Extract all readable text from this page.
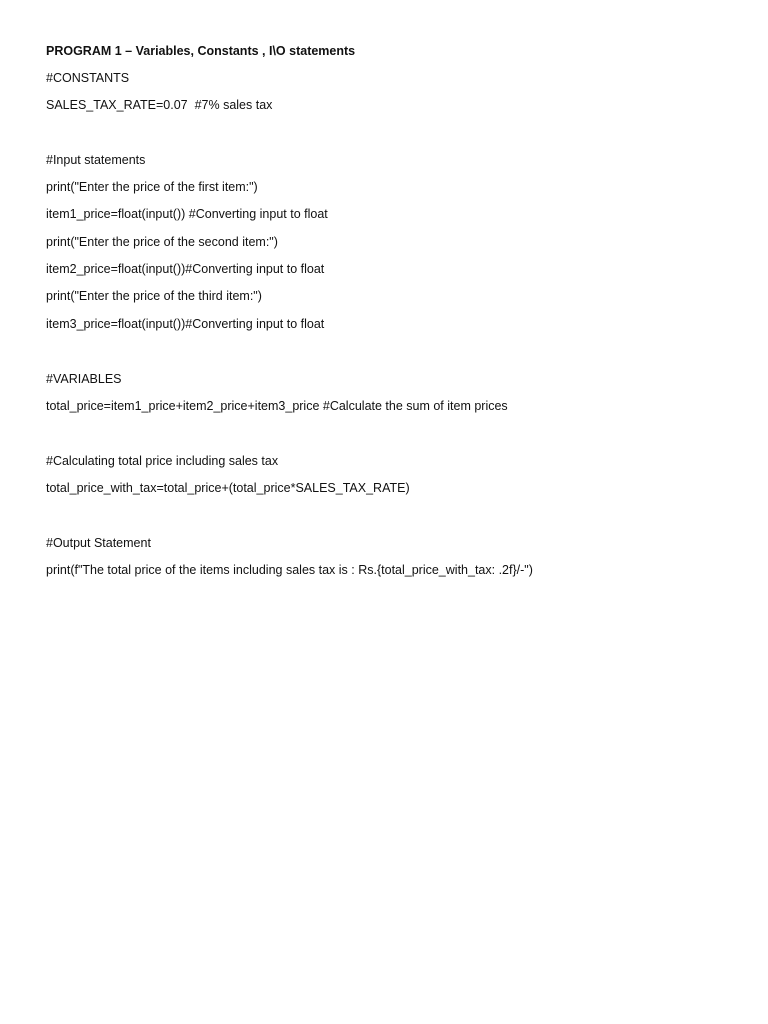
PROGRAM 1 – Variables, Constants , I\O statements
#CONSTANTS
SALES_TAX_RATE=0.07  #7% sales tax
#Input statements
print("Enter the price of the first item:")
item1_price=float(input()) #Converting input to float
print("Enter the price of the second item:")
item2_price=float(input())#Converting input to float
print("Enter the price of the third item:")
item3_price=float(input())#Converting input to float
#VARIABLES
total_price=item1_price+item2_price+item3_price #Calculate the sum of item prices
#Calculating total price including sales tax
total_price_with_tax=total_price+(total_price*SALES_TAX_RATE)
#Output Statement
print(f"The total price of the items including sales tax is : Rs.{total_price_with_tax: .2f}/-")
